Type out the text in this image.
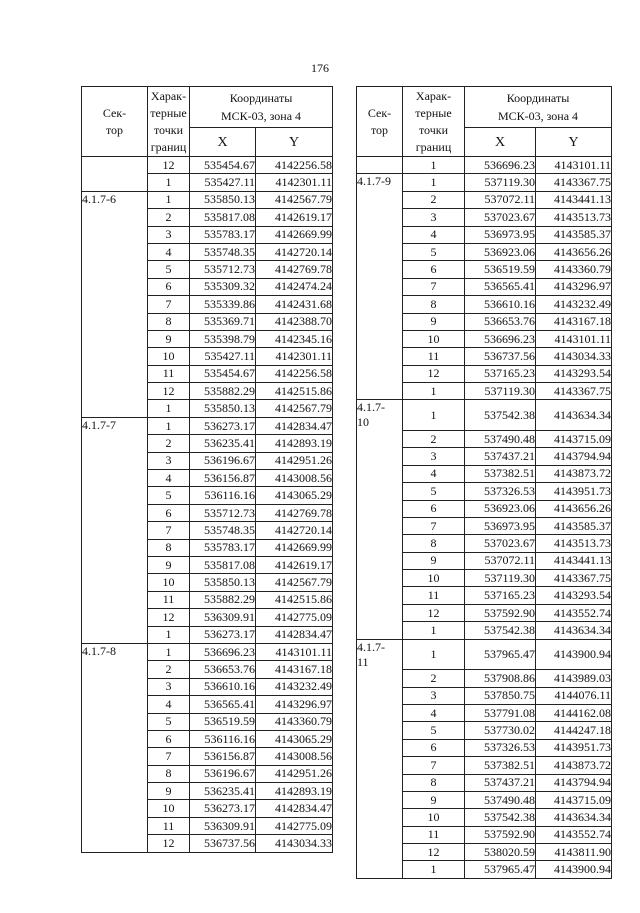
176
Сек-
тор	Харак-
терные
точки
границ	Координаты
МСК-03, зона 4	

		X	Y
	12	535454.67	4142256.58
	1	535427.11	4142301.11
4.1.7-6	1	535850.13	4142567.79
	2	535817.08	4142619.17
	3	535783.17	4142669.99
	4	535748.35	4142720.14
	5	535712.73	4142769.78
	6	535309.32	4142474.24
	7	535339.86	4142431.68
	8	535369.71	4142388.70
	9	535398.79	4142345.16
	10	535427.11	4142301.11
	11	535454.67	4142256.58
	12	535882.29	4142515.86
	1	535850.13	4142567.79
4.1.7-7	1	536273.17	4142834.47
	2	536235.41	4142893.19
	3	536196.67	4142951.26
	4	536156.87	4143008.56
	5	536116.16	4143065.29
	6	535712.73	4142769.78
	7	535748.35	4142720.14
	8	535783.17	4142669.99
	9	535817.08	4142619.17
	10	535850.13	4142567.79
	11	535882.29	4142515.86
	12	536309.91	4142775.09
	1	536273.17	4142834.47
4.1.7-8	1	536696.23	4143101.11
	2	536653.76	4143167.18
	3	536610.16	4143232.49
	4	536565.41	4143296.97
	5	536519.59	4143360.79
	6	536116.16	4143065.29
	7	536156.87	4143008.56
	8	536196.67	4142951.26
	9	536235.41	4142893.19
	10	536273.17	4142834.47
	11	536309.91	4142775.09
	12	536737.56	4143034.33
Сек-
тор	Харак-
терные
точки
границ	Координаты
МСК-03, зона 4	

		X	Y
	1	536696.23	4143101.11
4.1.7-9	1	537119.30	4143367.75
	2	537072.11	4143441.13
	3	537023.67	4143513.73
	4	536973.95	4143585.37
	5	536923.06	4143656.26
	6	536519.59	4143360.79
	7	536565.41	4143296.97
	8	536610.16	4143232.49
	9	536653.76	4143167.18
	10	536696.23	4143101.11
	11	536737.56	4143034.33
	12	537165.23	4143293.54
	1	537119.30	4143367.75
4.1.7-
10	1	537542.38	4143634.34
	2	537490.48	4143715.09
	3	537437.21	4143794.94
	4	537382.51	4143873.72
	5	537326.53	4143951.73
	6	536923.06	4143656.26
	7	536973.95	4143585.37
	8	537023.67	4143513.73
	9	537072.11	4143441.13
	10	537119.30	4143367.75
	11	537165.23	4143293.54
	12	537592.90	4143552.74
	1	537542.38	4143634.34
4.1.7-
11	1	537965.47	4143900.94
	2	537908.86	4143989.03
	3	537850.75	4144076.11
	4	537791.08	4144162.08
	5	537730.02	4144247.18
	6	537326.53	4143951.73
	7	537382.51	4143873.72
	8	537437.21	4143794.94
	9	537490.48	4143715.09
	10	537542.38	4143634.34
	11	537592.90	4143552.74
	12	538020.59	4143811.90
	1	537965.47	4143900.94
